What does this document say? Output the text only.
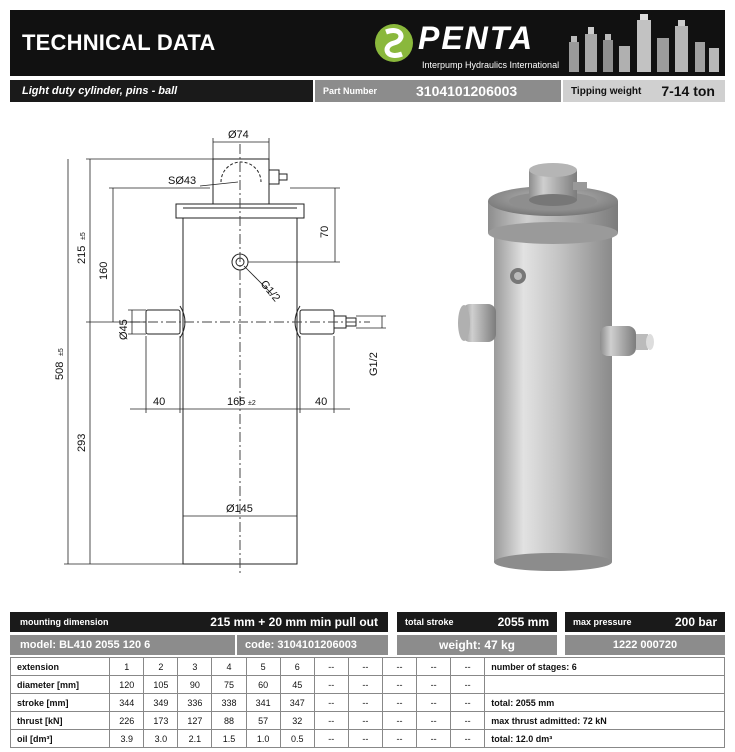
TECHNICAL DATA	PENTA
Interpump Hydraulics International
Light duty cylinder, pins - ball	Part Number	3104101206003	Tipping weight 7-14 ton
Ø74
SØ43
70
215
±5
160
G1/2
Ø45
G1/2
508
±5
40	165 ±2	40
293
Ø145
mounting dimension	215 mm + 20 mm min pull out	total stroke	2055 mm	max pressure	200 bar
model: BL410 2055 120 6	code: 3104101206003	weight: 47 kg	1222 000720
extension	1	2	3	4	5	6	--	--	--	--	--	number of stages: 6
diameter [mm]	120	105	90	75	60	45	--	--	--	--	--	
stroke [mm]	344	349	336	338	341	347	--	--	--	--	--	total: 2055 mm
thrust [kN]	226	173	127	88	57	32	--	--	--	--	--	max thrust admitted: 72 kN
oil [dm³]	3.9	3.0	2.1	1.5	1.0	0.5	--	--	--	--	--	total: 12.0 dm³
